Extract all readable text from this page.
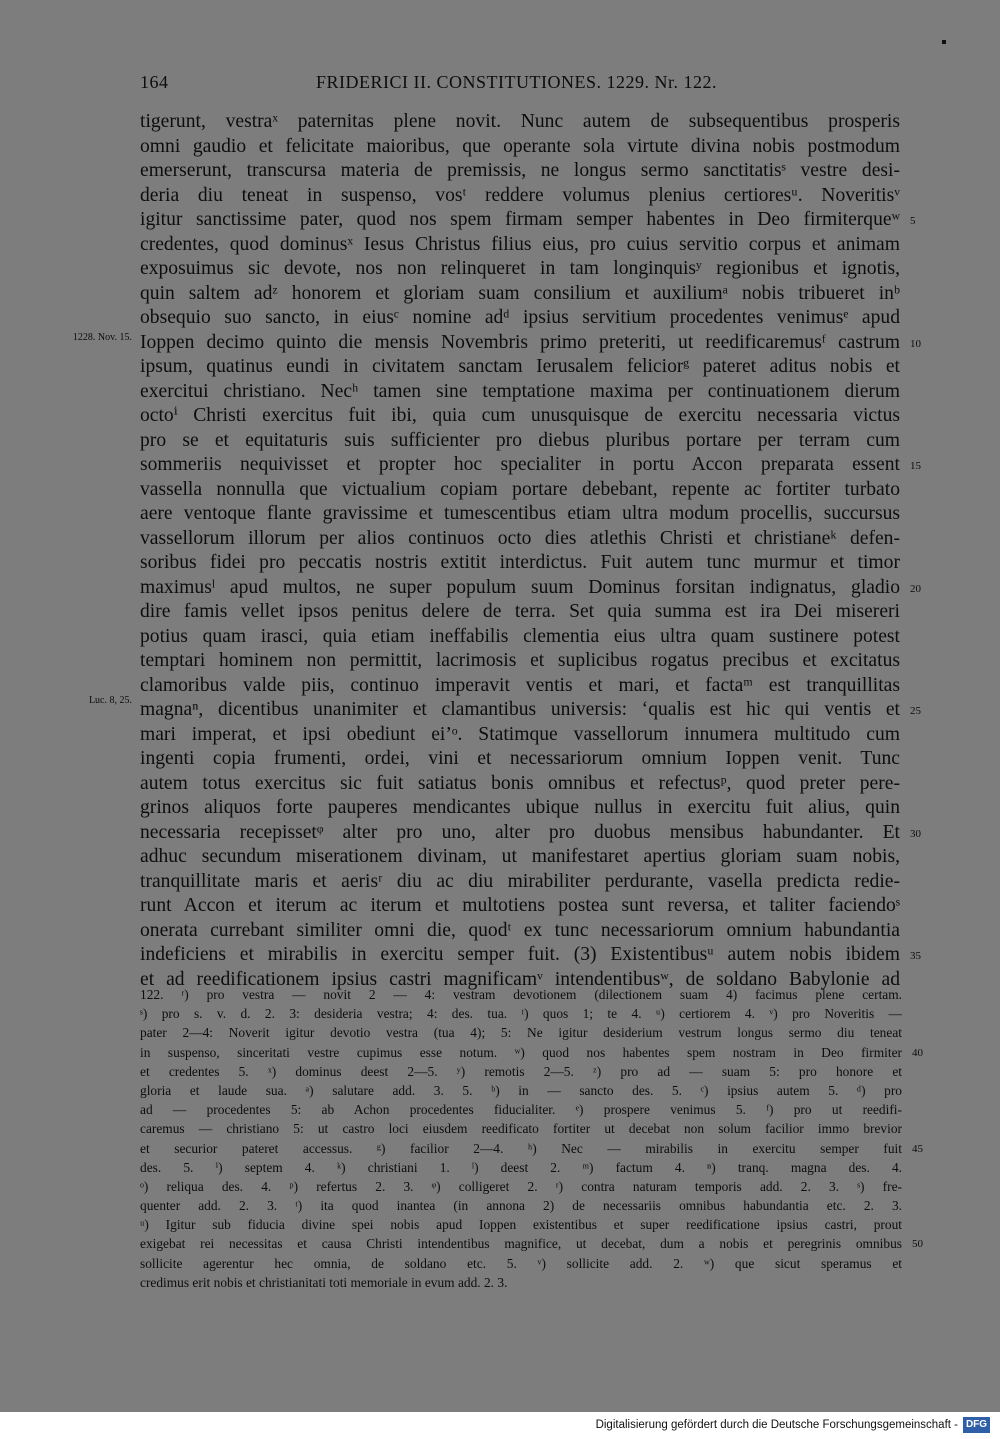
164	FRIDERICI II. CONSTITUTIONES. 1229. Nr. 122.
1228. Nov. 15.
Luc. 8, 25.
tigerunt, vestraˣ paternitas plene novit. Nunc autem de subsequentibus prosperis
omni gaudio et felicitate maioribus, que operante sola virtute divina nobis postmodum
emerserunt, transcursa materia de premissis, ne longus sermo sanctitatisˢ vestre desi-
deria diu teneat in suspenso, vosᵗ reddere volumus plenius certioresᵘ. Noveritisᵛ
igitur sanctissime pater, quod nos spem firmam semper habentes in Deo firmiterqueʷ 5
credentes, quod dominusˣ Iesus Christus filius eius, pro cuius servitio corpus et animam
exposuimus sic devote, nos non relinqueret in tam longinquisʸ regionibus et ignotis,
quin saltem adᶻ honorem et gloriam suam consilium et auxiliumᵃ nobis tribueret inᵇ
obsequio suo sancto, in eiusᶜ nomine adᵈ ipsius servitium procedentes venimusᵉ apud
Ioppen decimo quinto die mensis Novembris primo preteriti, ut reedificaremusᶠ castrum 10
ipsum, quatinus eundi in civitatem sanctam Ierusalem feliciorᵍ pateret aditus nobis et
exercitui christiano. Necʰ tamen sine temptatione maxima per continuationem dierum
octoⁱ Christi exercitus fuit ibi, quia cum unusquisque de exercitu necessaria victus
pro se et equitaturis suis sufficienter pro diebus pluribus portare per terram cum
sommeriis nequivisset et propter hoc specialiter in portu Accon preparata essent 15
vassella nonnulla que victualium copiam portare debebant, repente ac fortiter turbato
aere ventoque flante gravissime et tumescentibus etiam ultra modum procellis, succursus
vassellorum illorum per alios continuos octo dies atlethis Christi et christianeᵏ defen-
soribus fidei pro peccatis nostris extitit interdictus. Fuit autem tunc murmur et timor
maximusˡ apud multos, ne super populum suum Dominus forsitan indignatus, gladio 20
dire famis vellet ipsos penitus delere de terra. Set quia summa est ira Dei misereri
potius quam irasci, quia etiam ineffabilis clementia eius ultra quam sustinere potest
temptari hominem non permittit, lacrimosis et suplicibus rogatus precibus et excitatus
clamoribus valde piis, continuo imperavit ventis et mari, et factaᵐ est tranquillitas
magnaⁿ, dicentibus unanimiter et clamantibus universis: ‘qualis est hic qui ventis et 25
mari imperat, et ipsi obediunt ei’ᵒ. Statimque vassellorum innumera multitudo cum
ingenti copia frumenti, ordei, vini et necessariorum omnium Ioppen venit. Tunc
autem totus exercitus sic fuit satiatus bonis omnibus et refectusᵖ, quod preter pere-
grinos aliquos forte pauperes mendicantes ubique nullus in exercitu fuit alius, quin
necessaria recepissetᵠ alter pro uno, alter pro duobus mensibus habundanter. Et 30
adhuc secundum miserationem divinam, ut manifestaret apertius gloriam suam nobis,
tranquillitate maris et aerisʳ diu ac diu mirabiliter perdurante, vasella predicta redie-
runt Accon et iterum ac iterum et multotiens postea sunt reversa, et taliter faciendoˢ
onerata currebant similiter omni die, quodᵗ ex tunc necessariorum omnium habundantia
indeficiens et mirabilis in exercitu semper fuit. (3) Existentibusᵘ autem nobis ibidem 35
et ad reedificationem ipsius castri magnificamᵛ intendentibusʷ, de soldano Babylonie ad
122. ʳ) pro vestra — novit 2 — 4: vestram devotionem (dilectionem suam 4) facimus plene certam.
ˢ) pro s. v. d. 2. 3: desideria vestra; 4: des. tua. ᵗ) quos 1; te 4. ᵘ) certiorem 4. ᵛ) pro Noveritis —
pater 2—4: Noverit igitur devotio vestra (tua 4); 5: Ne igitur desiderium vestrum longus sermo diu teneat
in suspenso, sinceritati vestre cupimus esse notum. ʷ) quod nos habentes spem nostram in Deo firmiter 40
et credentes 5. ˣ) dominus deest 2—5. ʸ) remotis 2—5. ᶻ) pro ad — suam 5: pro honore et
gloria et laude sua. ᵃ) salutare add. 3. 5. ᵇ) in — sancto des. 5. ᶜ) ipsius autem 5. ᵈ) pro
ad — procedentes 5: ab Achon procedentes fiducialiter. ᵉ) prospere venimus 5. ᶠ) pro ut reedifi-
caremus — christiano 5: ut castro loci eiusdem reedificato fortiter ut decebat non solum facilior immo brevior
et securior pateret accessus. ᵍ) facilior 2—4. ʰ) Nec — mirabilis in exercitu semper fuit 45
des. 5. ⁱ) septem 4. ᵏ) christiani 1. ˡ) deest 2. ᵐ) factum 4. ⁿ) tranq. magna des. 4.
ᵒ) reliqua des. 4. ᵖ) refertus 2. 3. ᵠ) colligeret 2. ʳ) contra naturam temporis add. 2. 3. ˢ) fre-
quenter add. 2. 3. ᵗ) ita quod inantea (in annona 2) de necessariis omnibus habundantia etc. 2. 3.
ᵘ) Igitur sub fiducia divine spei nobis apud Ioppen existentibus et super reedificatione ipsius castri, prout
exigebat rei necessitas et causa Christi intendentibus magnifice, ut decebat, dum a nobis et peregrinis omnibus 50
sollicite agerentur hec omnia, de soldano etc. 5. ᵛ) sollicite add. 2. ʷ) que sicut speramus et
credimus erit nobis et christianitati toti memoriale in evum add. 2. 3.
Digitalisierung gefördert durch die Deutsche Forschungsgemeinschaft - DFG
